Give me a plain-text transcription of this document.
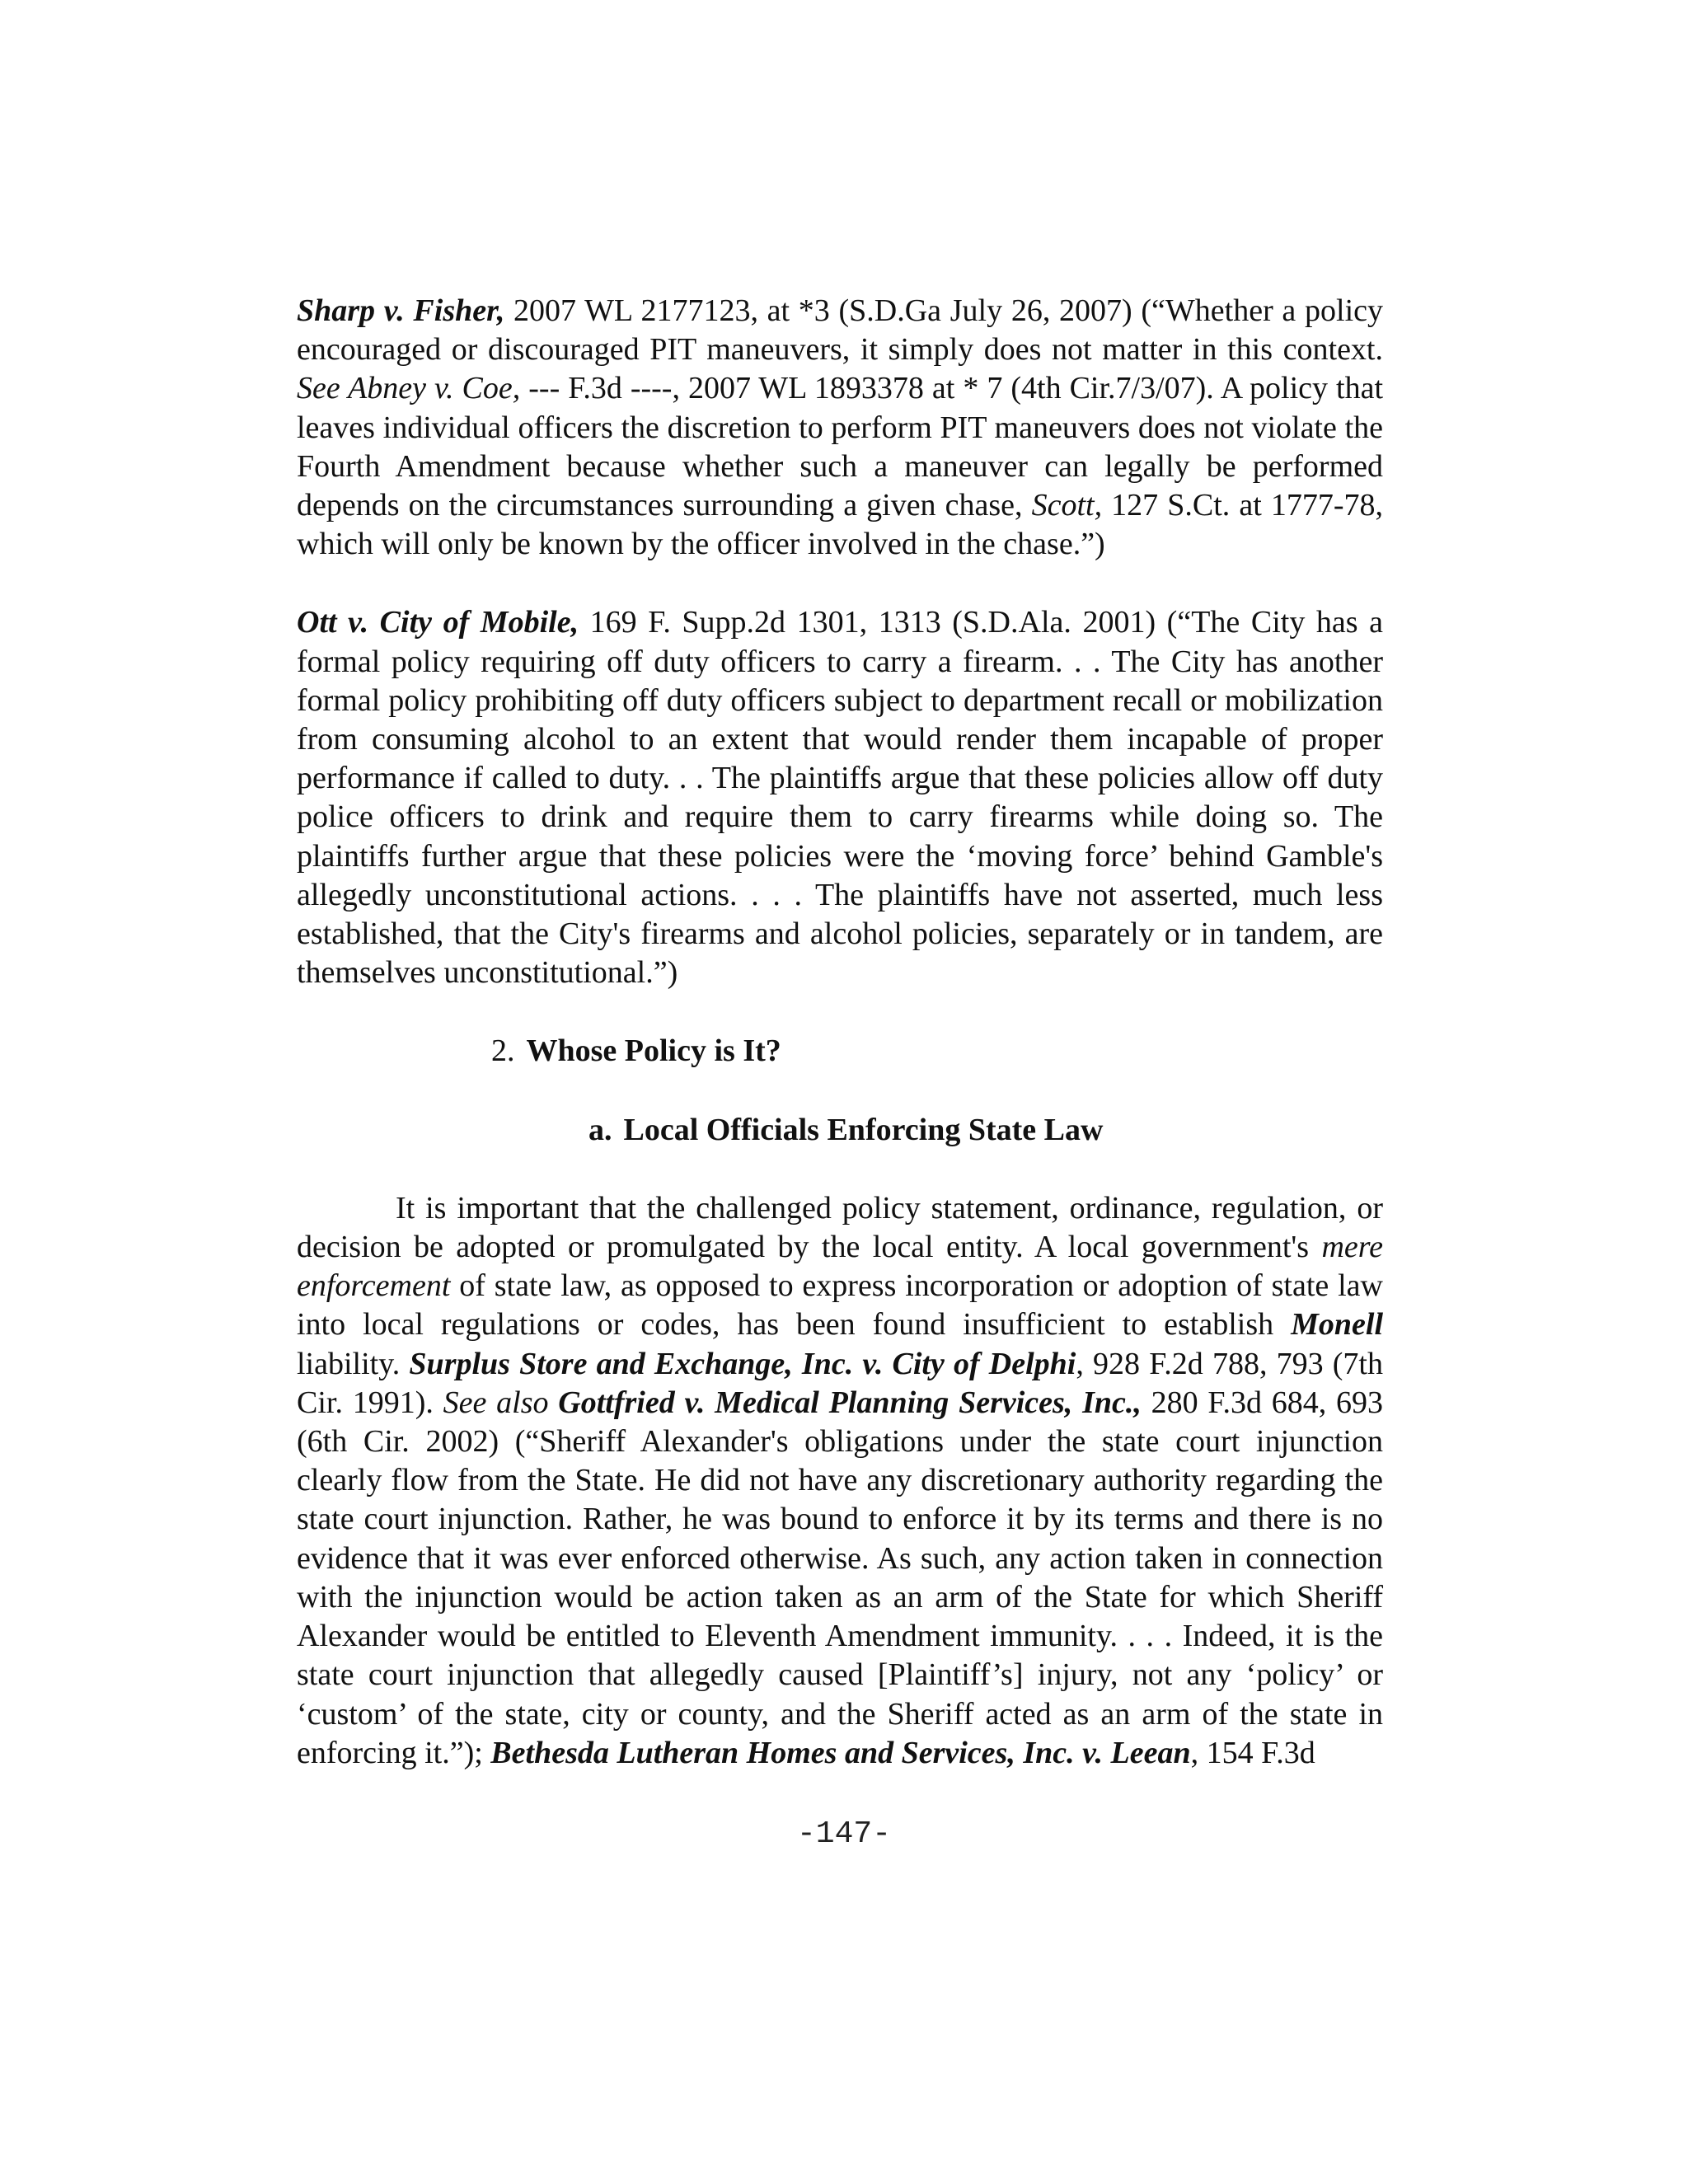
Sharp v. Fisher, 2007 WL 2177123, at *3 (S.D.Ga July 26, 2007) (“Whether a policy encouraged or discouraged PIT maneuvers, it simply does not matter in this context. See Abney v. Coe, --- F.3d ----, 2007 WL 1893378 at * 7 (4th Cir.7/3/07). A policy that leaves individual officers the discretion to perform PIT maneuvers does not violate the Fourth Amendment because whether such a maneuver can legally be performed depends on the circumstances surrounding a given chase, Scott, 127 S.Ct. at 1777-78, which will only be known by the officer involved in the chase.”)

Ott v. City of Mobile, 169 F. Supp.2d 1301, 1313 (S.D.Ala. 2001) (“The City has a formal policy requiring off duty officers to carry a firearm. . . The City has another formal policy prohibiting off duty officers subject to department recall or mobilization from consuming alcohol to an extent that would render them incapable of proper performance if called to duty. . . The plaintiffs argue that these policies allow off duty police officers to drink and require them to carry firearms while doing so. The plaintiffs further argue that these policies were the ‘moving force’ behind Gamble's allegedly unconstitutional actions. . . . The plaintiffs have not asserted, much less established, that the City's firearms and alcohol policies, separately or in tandem, are themselves unconstitutional.”)

2. Whose Policy is It?
a. Local Officials Enforcing State Law

It is important that the challenged policy statement, ordinance, regulation, or decision be adopted or promulgated by the local entity. A local government's mere enforcement of state law, as opposed to express incorporation or adoption of state law into local regulations or codes, has been found insufficient to establish Monell liability. Surplus Store and Exchange, Inc. v. City of Delphi, 928 F.2d 788, 793 (7th Cir. 1991). See also Gottfried v. Medical Planning Services, Inc., 280 F.3d 684, 693 (6th Cir. 2002) (“Sheriff Alexander's obligations under the state court injunction clearly flow from the State. He did not have any discretionary authority regarding the state court injunction. Rather, he was bound to enforce it by its terms and there is no evidence that it was ever enforced otherwise. As such, any action taken in connection with the injunction would be action taken as an arm of the State for which Sheriff Alexander would be entitled to Eleventh Amendment immunity. . . . Indeed, it is the state court injunction that allegedly caused [Plaintiff’s] injury, not any ‘policy’ or ‘custom’ of the state, city or county, and the Sheriff acted as an arm of the state in enforcing it.”); Bethesda Lutheran Homes and Services, Inc. v. Leean, 154 F.3d

-147-
